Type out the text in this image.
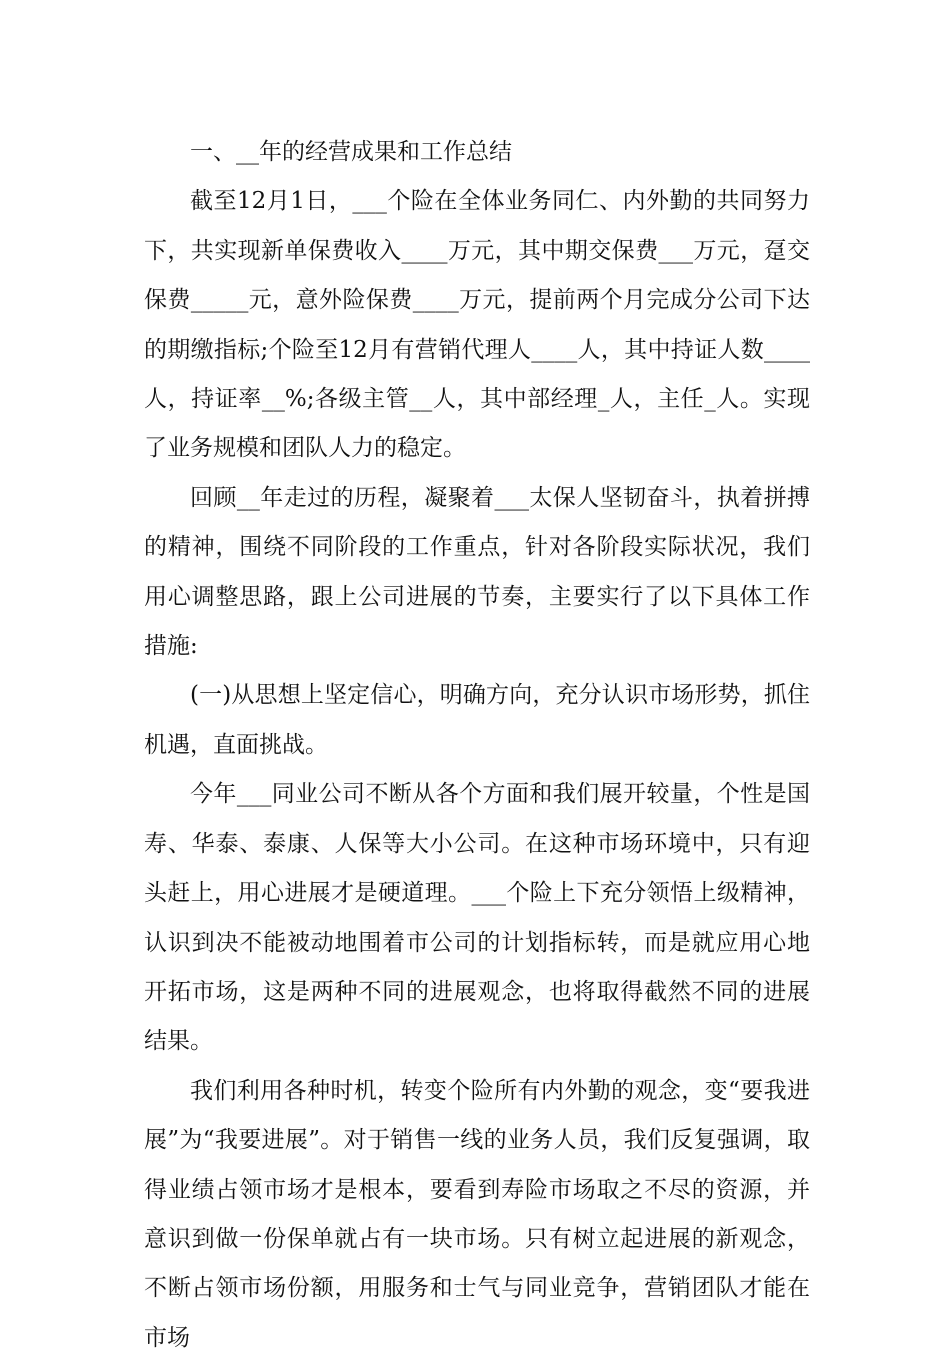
一、__年的经营成果和工作总结

截至12月1日，___个险在全体业务同仁、内外勤的共同努力下，共实现新单保费收入____万元，其中期交保费___万元，趸交保费_____元，意外险保费____万元，提前两个月完成分公司下达的期缴指标;个险至12月有营销代理人____人，其中持证人数____人，持证率__%;各级主管__人，其中部经理_人，主任_人。实现了业务规模和团队人力的稳定。

回顾__年走过的历程，凝聚着___太保人坚韧奋斗，执着拼搏的精神，围绕不同阶段的工作重点，针对各阶段实际状况，我们用心调整思路，跟上公司进展的节奏，主要实行了以下具体工作措施:

(一)从思想上坚定信心，明确方向，充分认识市场形势，抓住机遇，直面挑战。

今年___同业公司不断从各个方面和我们展开较量，个性是国寿、华泰、泰康、人保等大小公司。在这种市场环境中，只有迎头赶上，用心进展才是硬道理。___个险上下充分领悟上级精神，认识到决不能被动地围着市公司的计划指标转，而是就应用心地开拓市场，这是两种不同的进展观念，也将取得截然不同的进展结果。

我们利用各种时机，转变个险所有内外勤的观念，变“要我进展”为“我要进展”。对于销售一线的业务人员，我们反复强调，取得业绩占领市场才是根本，要看到寿险市场取之不尽的资源，并意识到做一份保单就占有一块市场。只有树立起进展的新观念，不断占领市场份额，用服务和士气与同业竞争，营销团队才能在市场
